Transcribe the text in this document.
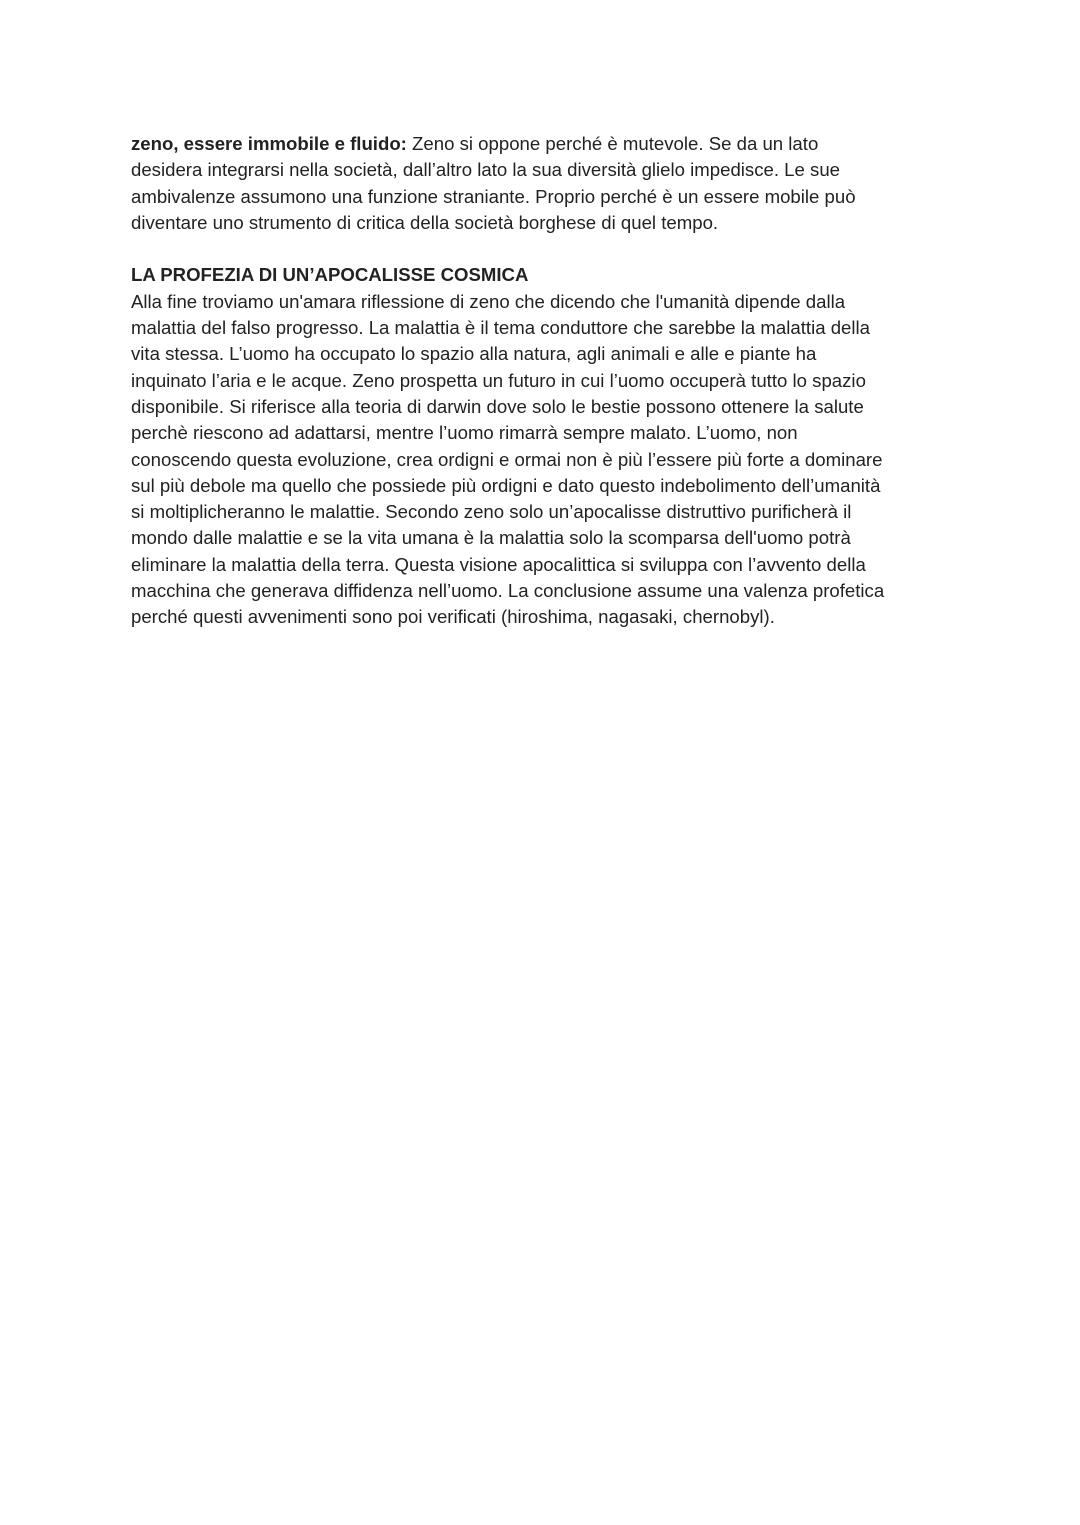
zeno, essere immobile e fluido: Zeno si oppone perché è mutevole. Se da un lato

desidera integrarsi nella società, dall’altro lato la sua diversità glielo impedisce. Le sue

ambivalenze assumono una funzione straniante. Proprio perché è un essere mobile può

diventare uno strumento di critica della società borghese di quel tempo.

LA PROFEZIA DI UN’APOCALISSE COSMICA

Alla fine troviamo un'amara riflessione di zeno che dicendo che l'umanità dipende dalla

malattia del falso progresso. La malattia è il tema conduttore che sarebbe la malattia della

vita stessa. L’uomo ha occupato lo spazio alla natura, agli animali e alle e piante ha

inquinato l’aria e le acque. Zeno prospetta un futuro in cui l’uomo occuperà tutto lo spazio

disponibile. Si riferisce alla teoria di darwin dove solo le bestie possono ottenere la salute

perchè riescono ad adattarsi, mentre l’uomo rimarrà sempre malato. L’uomo, non

conoscendo questa evoluzione, crea ordigni e ormai non è più l’essere più forte a dominare

sul più debole ma quello che possiede più ordigni e dato questo indebolimento dell’umanità

si moltiplicheranno le malattie. Secondo zeno solo un’apocalisse distruttivo purificherà il

mondo dalle malattie e se la vita umana è la malattia solo la scomparsa dell'uomo potrà

eliminare la malattia della terra. Questa visione apocalittica si sviluppa con l’avvento della

macchina che generava diffidenza nell’uomo. La conclusione assume una valenza profetica

perché questi avvenimenti sono poi verificati (hiroshima, nagasaki, chernobyl).
